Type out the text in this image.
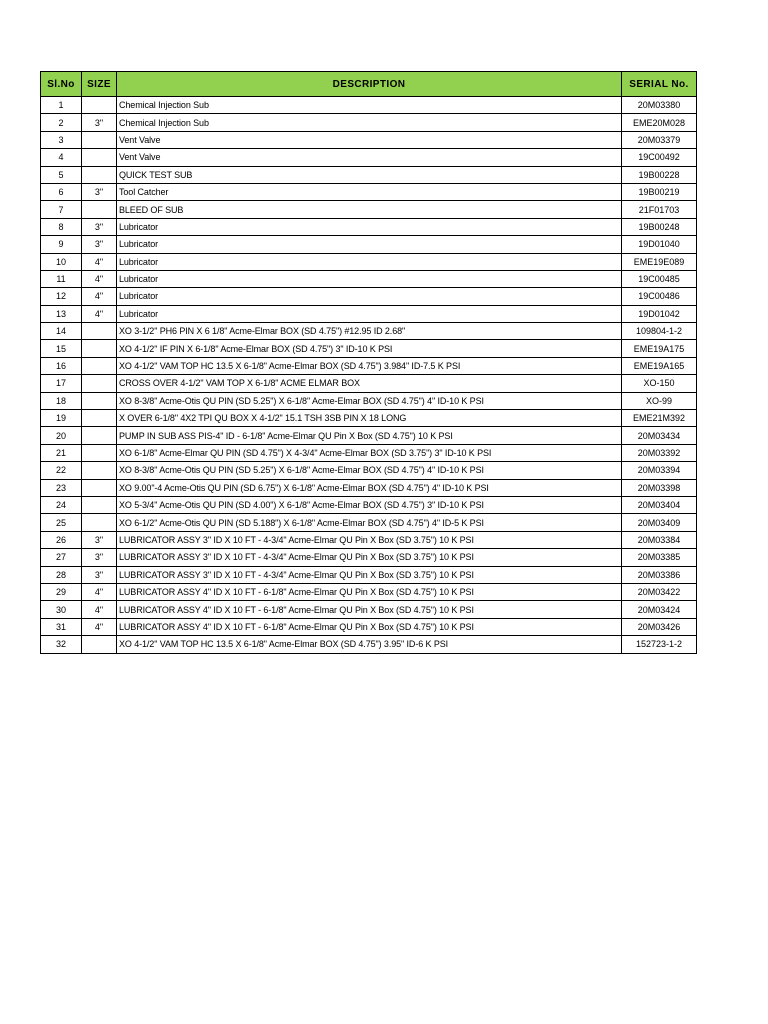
Sl.No	SIZE	DESCRIPTION	SERIAL No.
1		Chemical Injection Sub	20M03380
2	3"	Chemical Injection Sub	EME20M028
3		Vent Valve	20M03379
4		Vent Valve	19C00492
5		QUICK TEST SUB	19B00228
6	3"	Tool Catcher	19B00219
7		BLEED OF SUB	21F01703
8	3"	Lubricator	19B00248
9	3"	Lubricator	19D01040
10	4"	Lubricator	EME19E089
11	4"	Lubricator	19C00485
12	4"	Lubricator	19C00486
13	4"	Lubricator	19D01042
14		XO 3-1/2" PH6 PIN X 6 1/8" Acme-Elmar BOX (SD 4.75") #12.95 ID 2.68"	109804-1-2
15		XO 4-1/2" IF PIN X 6-1/8" Acme-Elmar BOX (SD 4.75") 3" ID-10 K PSI	EME19A175
16		XO 4-1/2" VAM TOP HC 13.5 X 6-1/8" Acme-Elmar BOX (SD 4.75") 3.984" ID-7.5 K PSI	EME19A165
17		CROSS OVER 4-1/2" VAM TOP X 6-1/8" ACME ELMAR BOX	XO-150
18		XO 8-3/8" Acme-Otis QU PIN (SD 5.25") X 6-1/8" Acme-Elmar BOX (SD 4.75") 4" ID-10 K PSI	XO-99
19		X OVER 6-1/8" 4X2 TPI QU BOX X 4-1/2" 15.1 TSH 3SB PIN X 18 LONG	EME21M392
20		PUMP IN SUB ASS PIS-4" ID - 6-1/8" Acme-Elmar QU Pin X Box (SD 4.75") 10 K PSI	20M03434
21		XO 6-1/8" Acme-Elmar QU PIN (SD 4.75") X 4-3/4" Acme-Elmar BOX (SD 3.75") 3" ID-10 K PSI	20M03392
22		XO 8-3/8" Acme-Otis QU PIN (SD 5.25") X 6-1/8" Acme-Elmar BOX (SD 4.75") 4" ID-10 K PSI	20M03394
23		XO 9.00"-4 Acme-Otis QU PIN (SD 6.75") X 6-1/8" Acme-Elmar BOX (SD 4.75") 4" ID-10 K PSI	20M03398
24		XO 5-3/4" Acme-Otis QU PIN (SD 4.00") X 6-1/8" Acme-Elmar BOX (SD 4.75") 3" ID-10 K PSI	20M03404
25		XO 6-1/2" Acme-Otis QU PIN (SD 5.188") X 6-1/8" Acme-Elmar BOX (SD 4.75") 4" ID-5 K PSI	20M03409
26	3"	LUBRICATOR ASSY 3" ID X 10 FT - 4-3/4" Acme-Elmar QU Pin X Box (SD 3.75") 10 K PSI	20M03384
27	3"	LUBRICATOR ASSY 3" ID X 10 FT - 4-3/4" Acme-Elmar QU Pin X Box (SD 3.75") 10 K PSI	20M03385
28	3"	LUBRICATOR ASSY 3" ID X 10 FT - 4-3/4" Acme-Elmar QU Pin X Box (SD 3.75") 10 K PSI	20M03386
29	4"	LUBRICATOR ASSY 4" ID X 10 FT - 6-1/8" Acme-Elmar QU Pin X Box (SD 4.75") 10 K PSI	20M03422
30	4"	LUBRICATOR ASSY 4" ID X 10 FT - 6-1/8" Acme-Elmar QU Pin X Box (SD 4.75") 10 K PSI	20M03424
31	4"	LUBRICATOR ASSY 4" ID X 10 FT - 6-1/8" Acme-Elmar QU Pin X Box (SD 4.75") 10 K PSI	20M03426
32		XO 4-1/2" VAM TOP HC 13.5 X 6-1/8" Acme-Elmar BOX (SD 4.75") 3.95" ID-6 K PSI	152723-1-2
